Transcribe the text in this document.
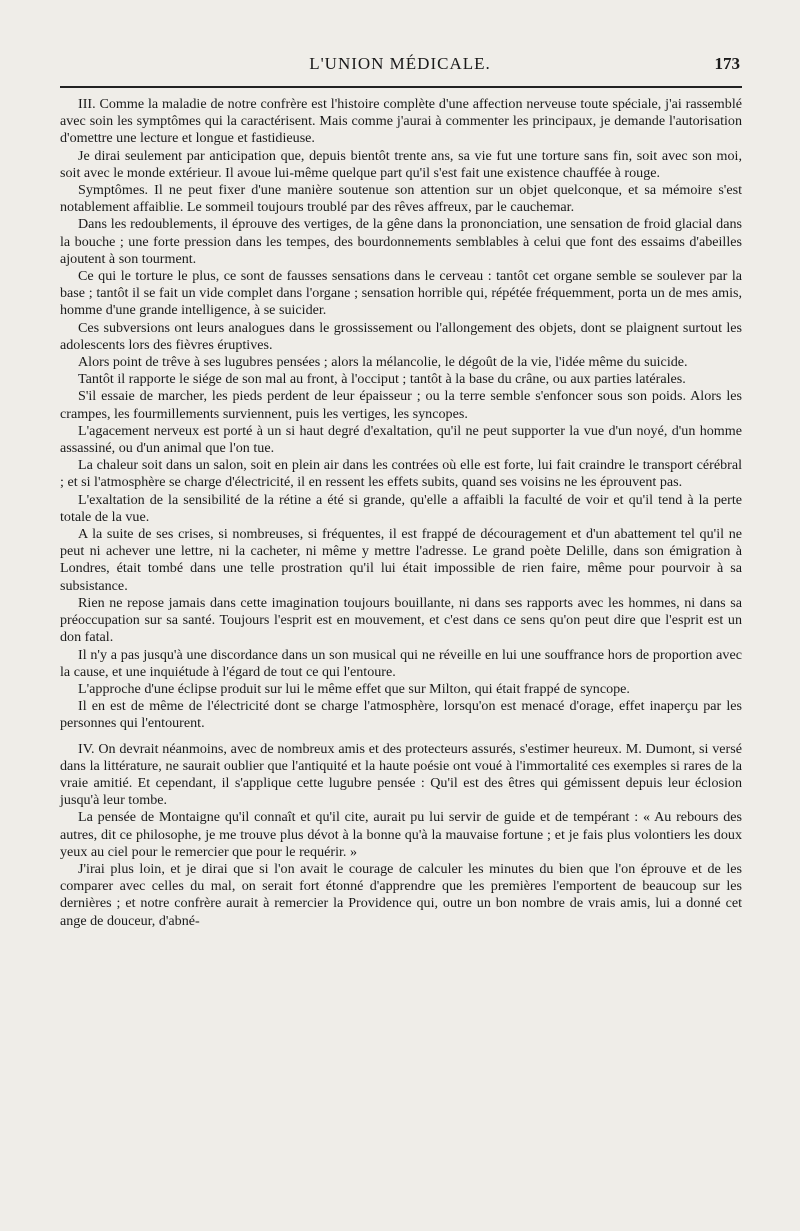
L'UNION MÉDICALE.	173

III. Comme la maladie de notre confrère est l'histoire complète d'une affection nerveuse toute spéciale, j'ai rassemblé avec soin les symptômes qui la caractérisent. Mais comme j'aurai à commenter les principaux, je demande l'autorisation d'omettre une lecture et longue et fastidieuse.

Je dirai seulement par anticipation que, depuis bientôt trente ans, sa vie fut une torture sans fin, soit avec son moi, soit avec le monde extérieur. Il avoue lui-même quelque part qu'il s'est fait une existence chauffée à rouge.

Symptômes. Il ne peut fixer d'une manière soutenue son attention sur un objet quelconque, et sa mémoire s'est notablement affaiblie. Le sommeil toujours troublé par des rêves affreux, par le cauchemar.

Dans les redoublements, il éprouve des vertiges, de la gêne dans la prononciation, une sensation de froid glacial dans la bouche ; une forte pression dans les tempes, des bourdonnements semblables à celui que font des essaims d'abeilles ajoutent à son tourment.

Ce qui le torture le plus, ce sont de fausses sensations dans le cerveau : tantôt cet organe semble se soulever par la base ; tantôt il se fait un vide complet dans l'organe ; sensation horrible qui, répétée fréquemment, porta un de mes amis, homme d'une grande intelligence, à se suicider.

Ces subversions ont leurs analogues dans le grossissement ou l'allongement des objets, dont se plaignent surtout les adolescents lors des fièvres éruptives.

Alors point de trêve à ses lugubres pensées ; alors la mélancolie, le dégoût de la vie, l'idée même du suicide.

Tantôt il rapporte le siége de son mal au front, à l'occiput ; tantôt à la base du crâne, ou aux parties latérales.

S'il essaie de marcher, les pieds perdent de leur épaisseur ; ou la terre semble s'enfoncer sous son poids. Alors les crampes, les fourmillements surviennent, puis les vertiges, les syncopes.

L'agacement nerveux est porté à un si haut degré d'exaltation, qu'il ne peut supporter la vue d'un noyé, d'un homme assassiné, ou d'un animal que l'on tue.

La chaleur soit dans un salon, soit en plein air dans les contrées où elle est forte, lui fait craindre le transport cérébral ; et si l'atmosphère se charge d'électricité, il en ressent les effets subits, quand ses voisins ne les éprouvent pas.

L'exaltation de la sensibilité de la rétine a été si grande, qu'elle a affaibli la faculté de voir et qu'il tend à la perte totale de la vue.

A la suite de ses crises, si nombreuses, si fréquentes, il est frappé de découragement et d'un abattement tel qu'il ne peut ni achever une lettre, ni la cacheter, ni même y mettre l'adresse. Le grand poète Delille, dans son émigration à Londres, était tombé dans une telle prostration qu'il lui était impossible de rien faire, même pour pourvoir à sa subsistance.

Rien ne repose jamais dans cette imagination toujours bouillante, ni dans ses rapports avec les hommes, ni dans sa préoccupation sur sa santé. Toujours l'esprit est en mouvement, et c'est dans ce sens qu'on peut dire que l'esprit est un don fatal.

Il n'y a pas jusqu'à une discordance dans un son musical qui ne réveille en lui une souffrance hors de proportion avec la cause, et une inquiétude à l'égard de tout ce qui l'entoure.

L'approche d'une éclipse produit sur lui le même effet que sur Milton, qui était frappé de syncope.

Il en est de même de l'électricité dont se charge l'atmosphère, lorsqu'on est menacé d'orage, effet inaperçu par les personnes qui l'entourent.

IV. On devrait néanmoins, avec de nombreux amis et des protecteurs assurés, s'estimer heureux. M. Dumont, si versé dans la littérature, ne saurait oublier que l'antiquité et la haute poésie ont voué à l'immortalité ces exemples si rares de la vraie amitié. Et cependant, il s'applique cette lugubre pensée : Qu'il est des êtres qui gémissent depuis leur éclosion jusqu'à leur tombe.

La pensée de Montaigne qu'il connaît et qu'il cite, aurait pu lui servir de guide et de tempérant : « Au rebours des autres, dit ce philosophe, je me trouve plus dévot à la bonne qu'à la mauvaise fortune ; et je fais plus volontiers les doux yeux au ciel pour le remercier que pour le requérir. »

J'irai plus loin, et je dirai que si l'on avait le courage de calculer les minutes du bien que l'on éprouve et de les comparer avec celles du mal, on serait fort étonné d'apprendre que les premières l'emportent de beaucoup sur les dernières ; et notre confrère aurait à remercier la Providence qui, outre un bon nombre de vrais amis, lui a donné cet ange de douceur, d'abné-
